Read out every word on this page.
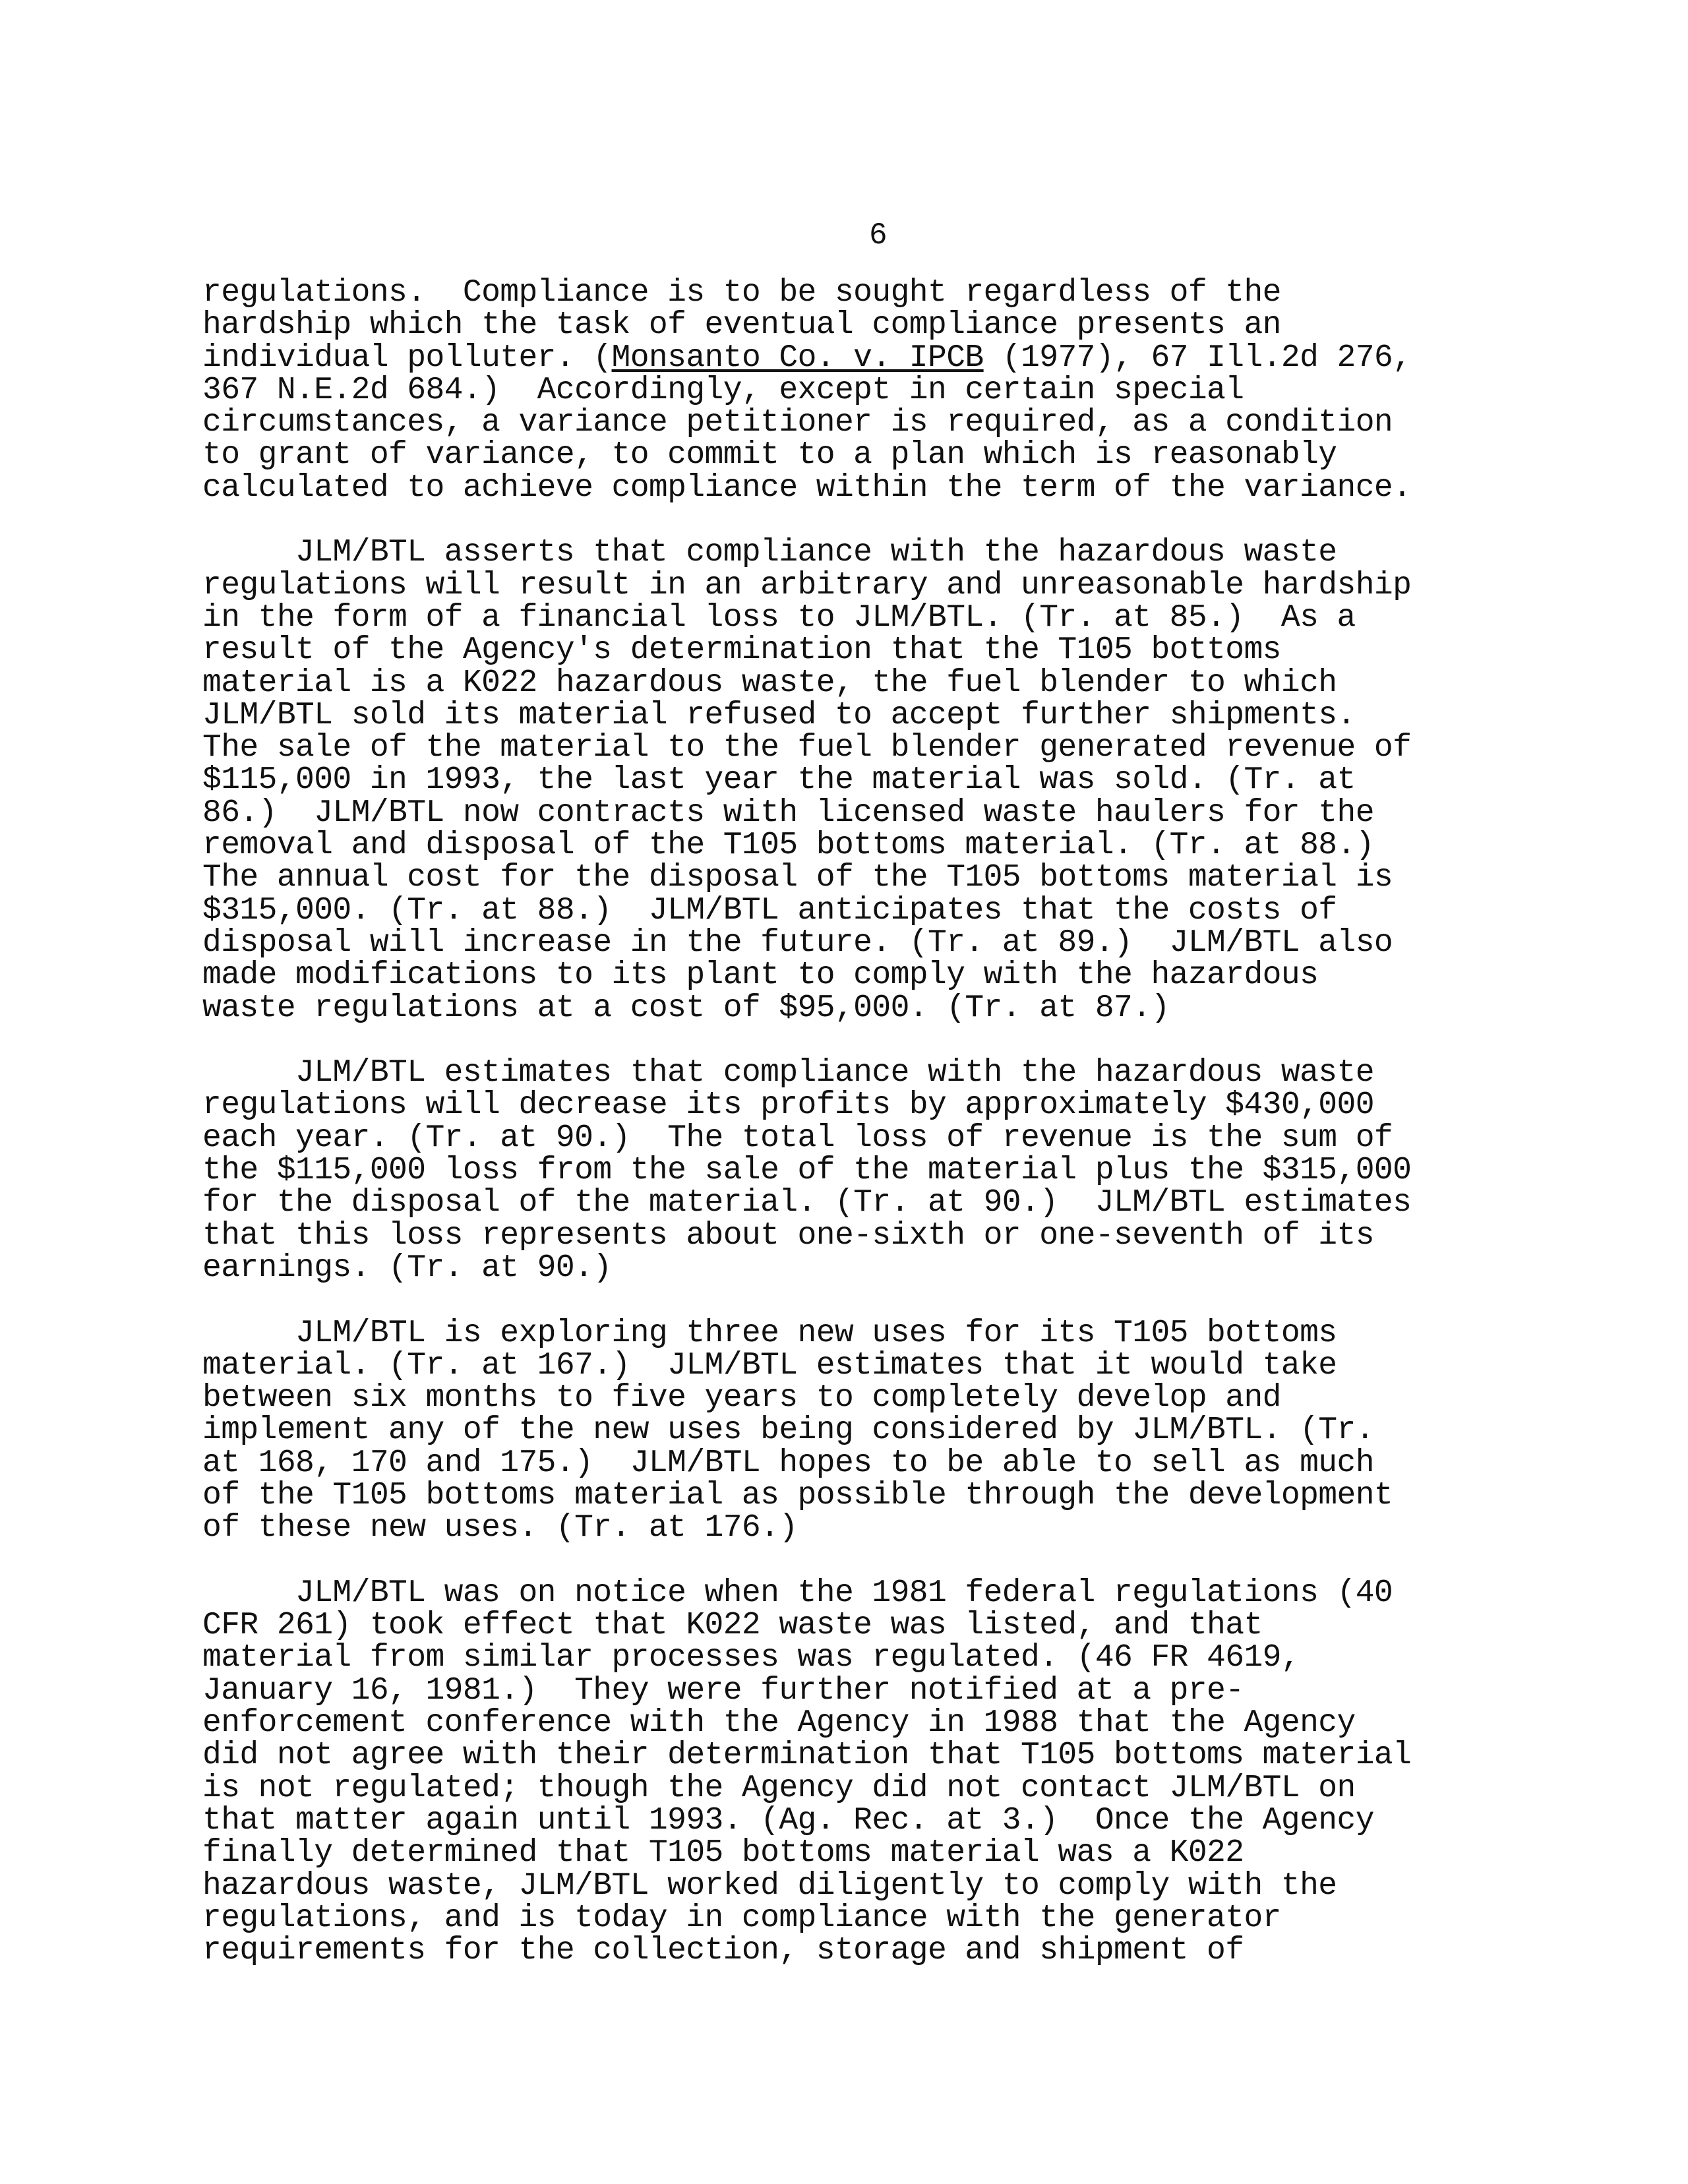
6

regulations.  Compliance is to be sought regardless of the
hardship which the task of eventual compliance presents an
individual polluter. (Monsanto Co. v. IPCB (1977), 67 Ill.2d 276,
367 N.E.2d 684.)  Accordingly, except in certain special
circumstances, a variance petitioner is required, as a condition
to grant of variance, to commit to a plan which is reasonably
calculated to achieve compliance within the term of the variance.

JLM/BTL asserts that compliance with the hazardous waste
regulations will result in an arbitrary and unreasonable hardship
in the form of a financial loss to JLM/BTL. (Tr. at 85.)  As a
result of the Agency's determination that the T105 bottoms
material is a K022 hazardous waste, the fuel blender to which
JLM/BTL sold its material refused to accept further shipments.
The sale of the material to the fuel blender generated revenue of
$115,000 in 1993, the last year the material was sold. (Tr. at
86.)  JLM/BTL now contracts with licensed waste haulers for the
removal and disposal of the T105 bottoms material. (Tr. at 88.)
The annual cost for the disposal of the T105 bottoms material is
$315,000. (Tr. at 88.)  JLM/BTL anticipates that the costs of
disposal will increase in the future. (Tr. at 89.)  JLM/BTL also
made modifications to its plant to comply with the hazardous
waste regulations at a cost of $95,000. (Tr. at 87.)

JLM/BTL estimates that compliance with the hazardous waste
regulations will decrease its profits by approximately $430,000
each year. (Tr. at 90.)  The total loss of revenue is the sum of
the $115,000 loss from the sale of the material plus the $315,000
for the disposal of the material. (Tr. at 90.)  JLM/BTL estimates
that this loss represents about one-sixth or one-seventh of its
earnings. (Tr. at 90.)

JLM/BTL is exploring three new uses for its T105 bottoms
material. (Tr. at 167.)  JLM/BTL estimates that it would take
between six months to five years to completely develop and
implement any of the new uses being considered by JLM/BTL. (Tr.
at 168, 170 and 175.)  JLM/BTL hopes to be able to sell as much
of the T105 bottoms material as possible through the development
of these new uses. (Tr. at 176.)

JLM/BTL was on notice when the 1981 federal regulations (40
CFR 261) took effect that K022 waste was listed, and that
material from similar processes was regulated. (46 FR 4619,
January 16, 1981.)  They were further notified at a pre-
enforcement conference with the Agency in 1988 that the Agency
did not agree with their determination that T105 bottoms material
is not regulated; though the Agency did not contact JLM/BTL on
that matter again until 1993. (Ag. Rec. at 3.)  Once the Agency
finally determined that T105 bottoms material was a K022
hazardous waste, JLM/BTL worked diligently to comply with the
regulations, and is today in compliance with the generator
requirements for the collection, storage and shipment of
